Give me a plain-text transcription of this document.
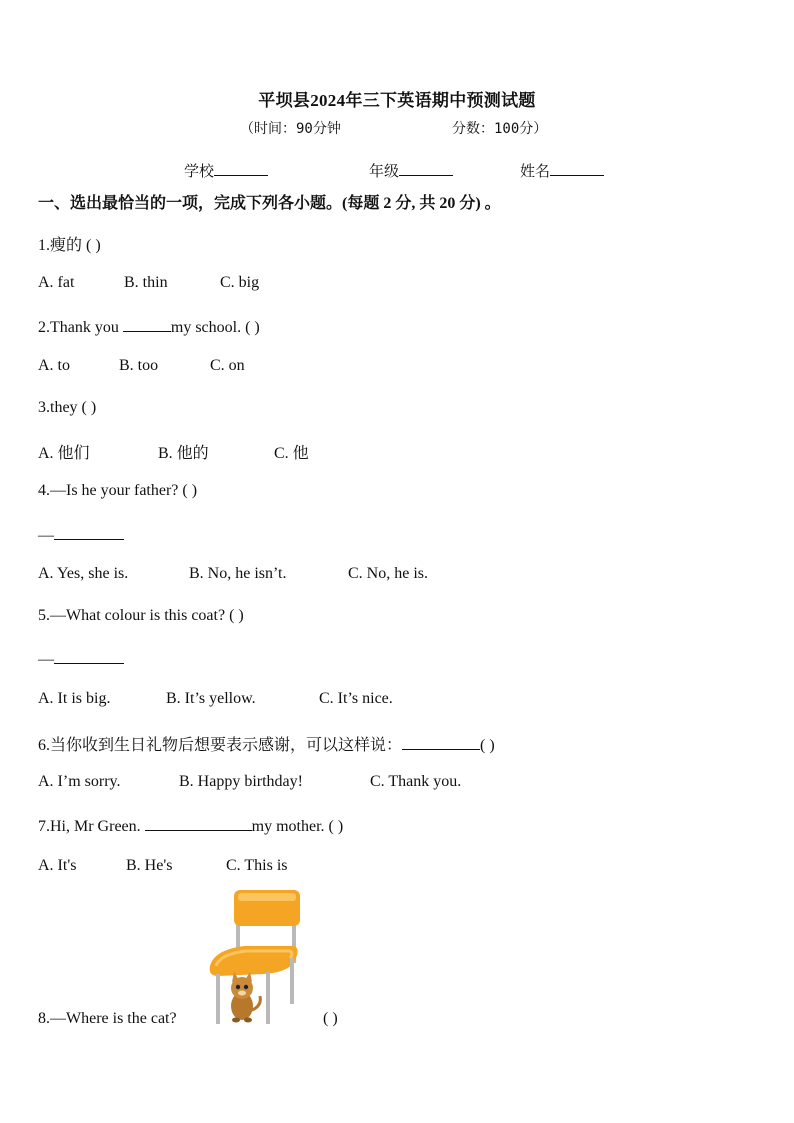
平坝县2024年三下英语期中预测试题
（时间：90分钟	分数：100分）
学校	年级	姓名
一、选出最恰当的一项，完成下列各小题。(每题 2 分, 共 20 分) 。
1.瘦的 ( )
A. fat	B. thin	C. big
2.Thank you	my school. ( )
A. to	B. too	C. on
3.they ( )
A. 他们	B. 他的	C. 他
4.—Is he your father? ( )
—
A. Yes, she is.	B. No, he isn’t.	C. No, he is.
5.—What colour is this coat? ( )
—
A. It is big.	B. It’s yellow.	C. It’s nice.
6.当你收到生日礼物后想要表示感谢，可以这样说：	( )
A. I’m sorry.	B. Happy birthday!	C. Thank you.
7.Hi, Mr Green.	my mother. ( )
A. It's	B. He's	C. This is
8.—Where is the cat?	( )
